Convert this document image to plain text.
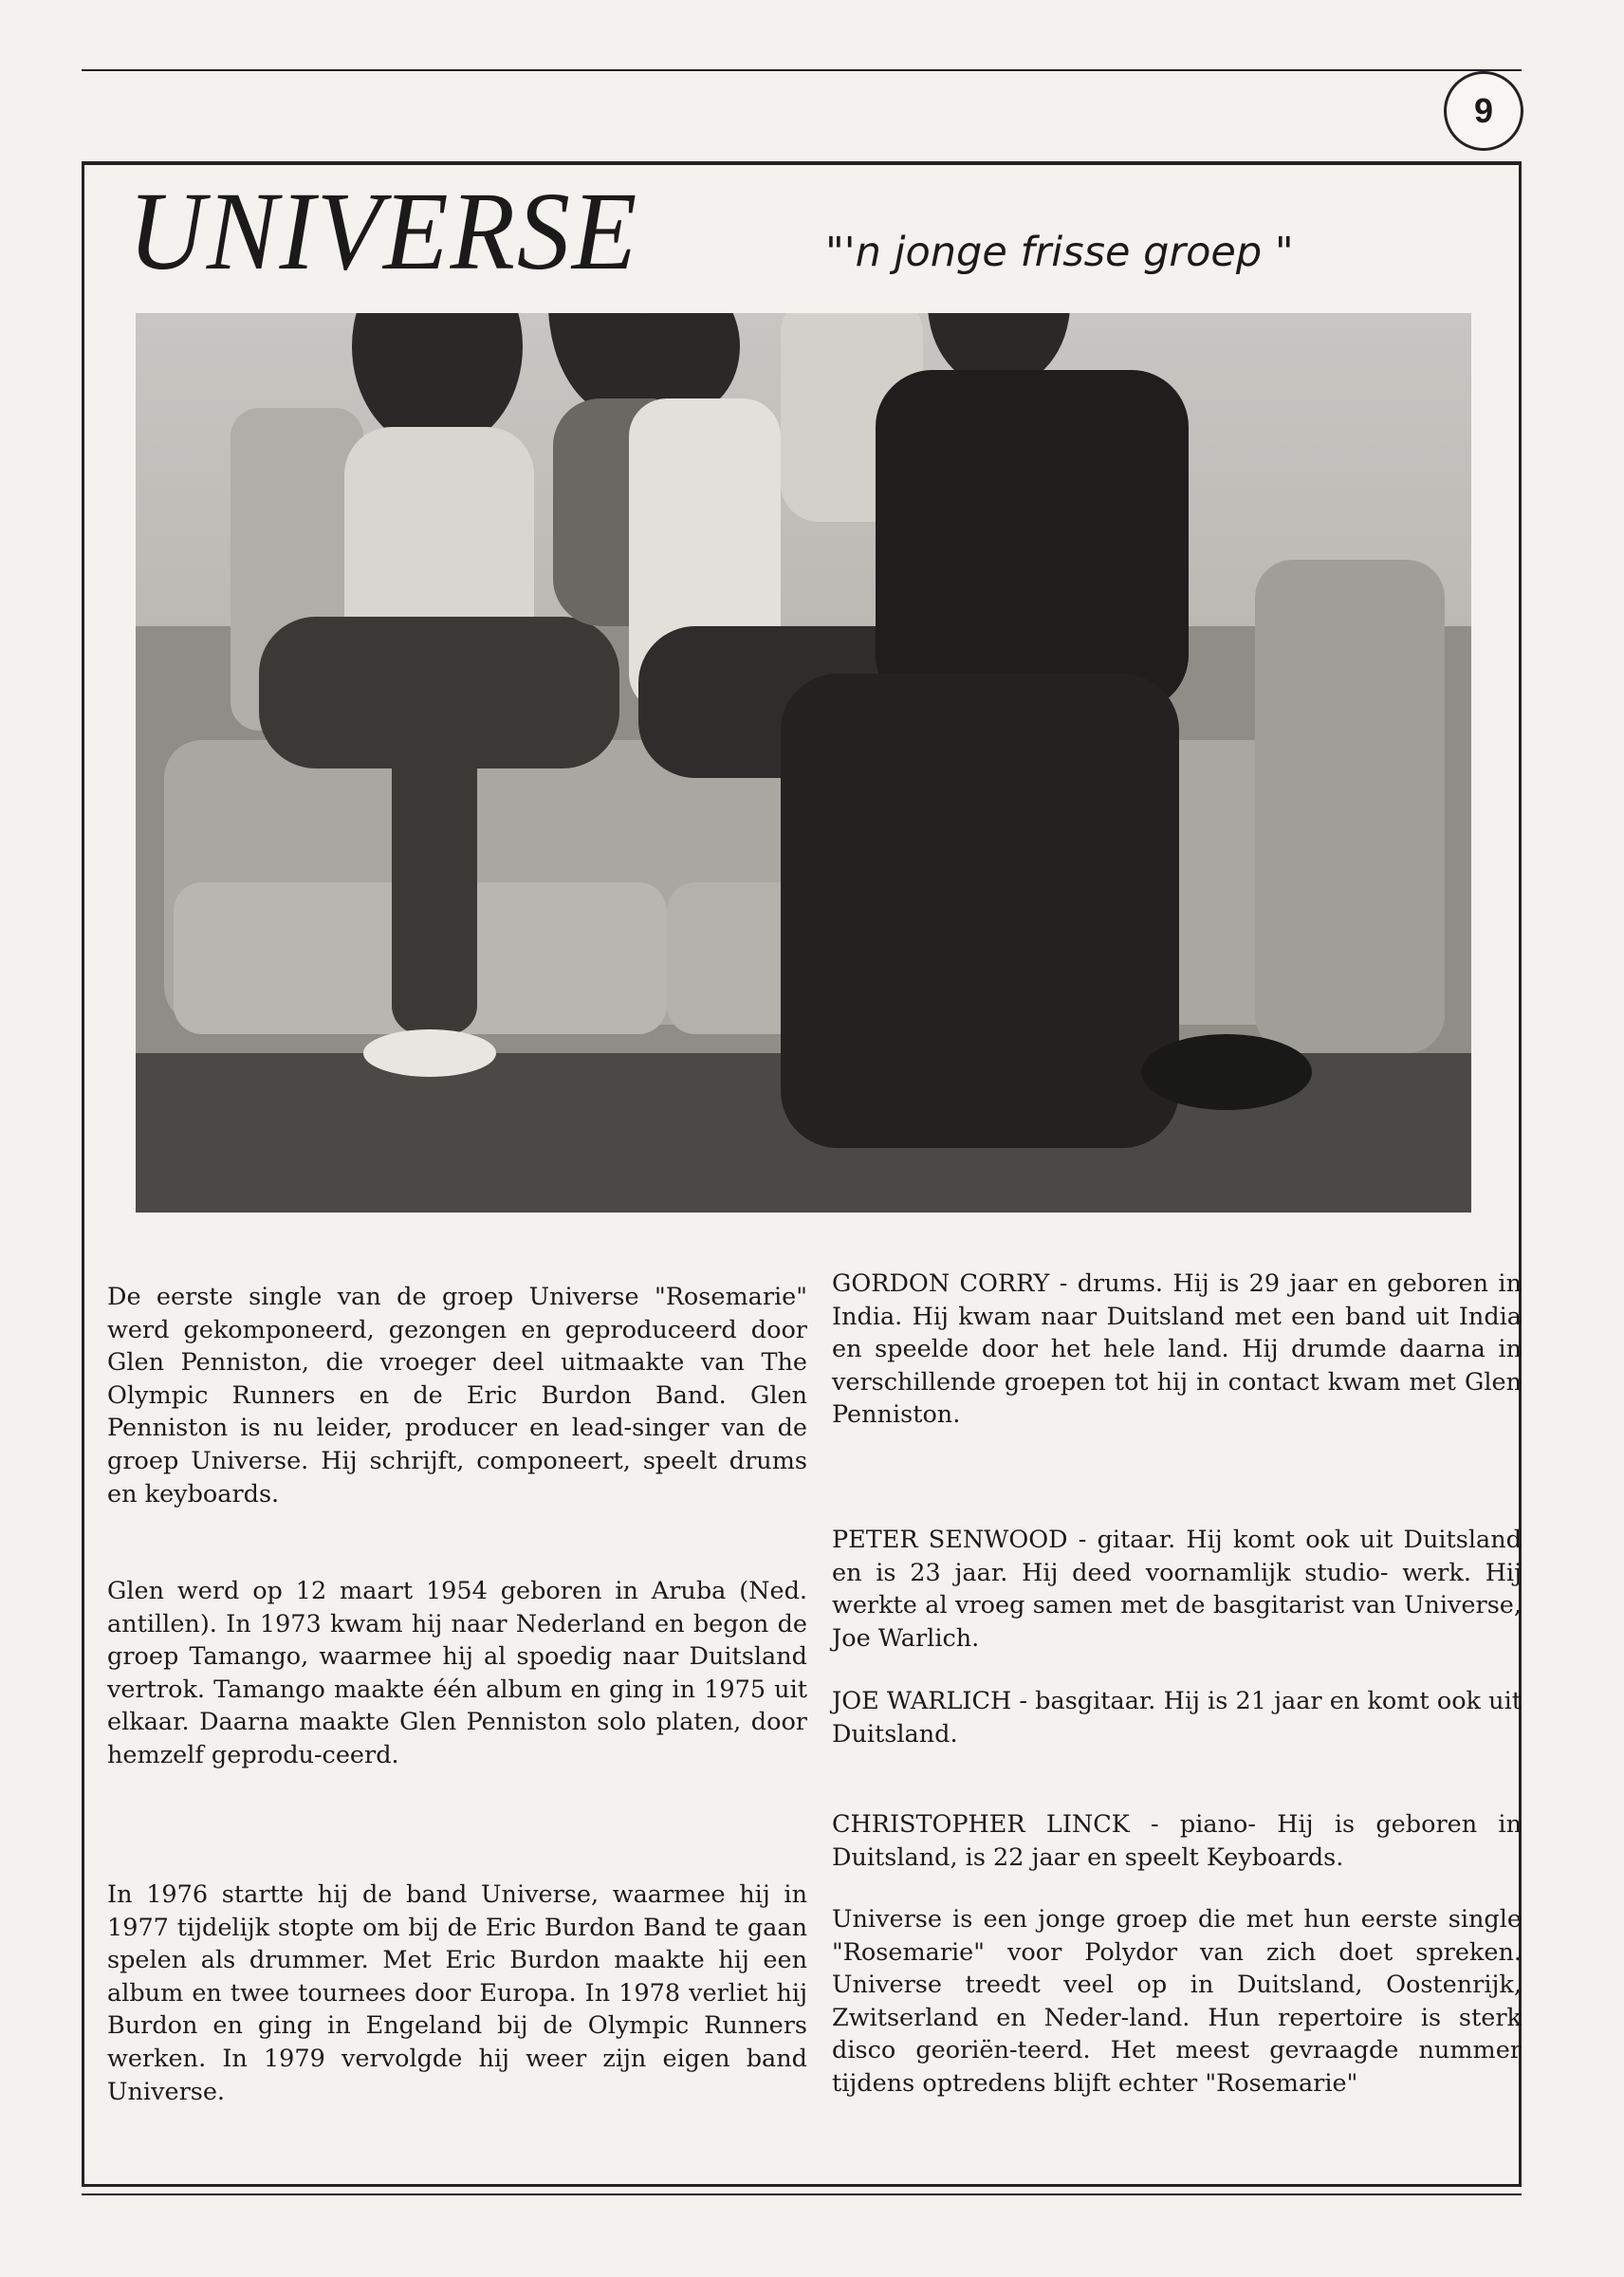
9
UNIVERSE	"'n jonge frisse groep "

De eerste single van de groep Universe "Rosemarie" werd gekomponeerd, gezongen en geproduceerd door Glen Penniston, die vroeger deel uitmaakte van The Olympic Runners en de Eric Burdon Band. Glen Penniston is nu leider, producer en lead-singer van de groep Universe. Hij schrijft, componeert, speelt drums en keyboards.

Glen werd op 12 maart 1954 geboren in Aruba (Ned. antillen). In 1973 kwam hij naar Nederland en begon de groep Tamango, waarmee hij al spoedig naar Duitsland vertrok. Tamango maakte één album en ging in 1975 uit elkaar. Daarna maakte Glen Penniston solo platen, door hemzelf geprodu-ceerd.

In 1976 startte hij de band Universe, waarmee hij in 1977 tijdelijk stopte om bij de Eric Burdon Band te gaan spelen als drummer. Met Eric Burdon maakte hij een album en twee tournees door Europa. In 1978 verliet hij Burdon en ging in Engeland bij de Olympic Runners werken. In 1979 vervolgde hij weer zijn eigen band Universe.

GORDON CORRY - drums. Hij is 29 jaar en geboren in India. Hij kwam naar Duitsland met een band uit India en speelde door het hele land. Hij drumde daarna in verschillende groepen tot hij in contact kwam met Glen Penniston.

PETER SENWOOD - gitaar. Hij komt ook uit Duitsland en is 23 jaar. Hij deed voornamlijk studio- werk. Hij werkte al vroeg samen met de basgitarist van Universe, Joe Warlich.

JOE WARLICH - basgitaar. Hij is 21 jaar en komt ook uit Duitsland.

CHRISTOPHER LINCK - piano- Hij is geboren in Duitsland, is 22 jaar en speelt Keyboards.

Universe is een jonge groep die met hun eerste single "Rosemarie" voor Polydor van zich doet spreken. Universe treedt veel op in Duitsland, Oostenrijk, Zwitserland en Neder-land. Hun repertoire is sterk disco georiën-teerd. Het meest gevraagde nummer tijdens optredens blijft echter "Rosemarie"
